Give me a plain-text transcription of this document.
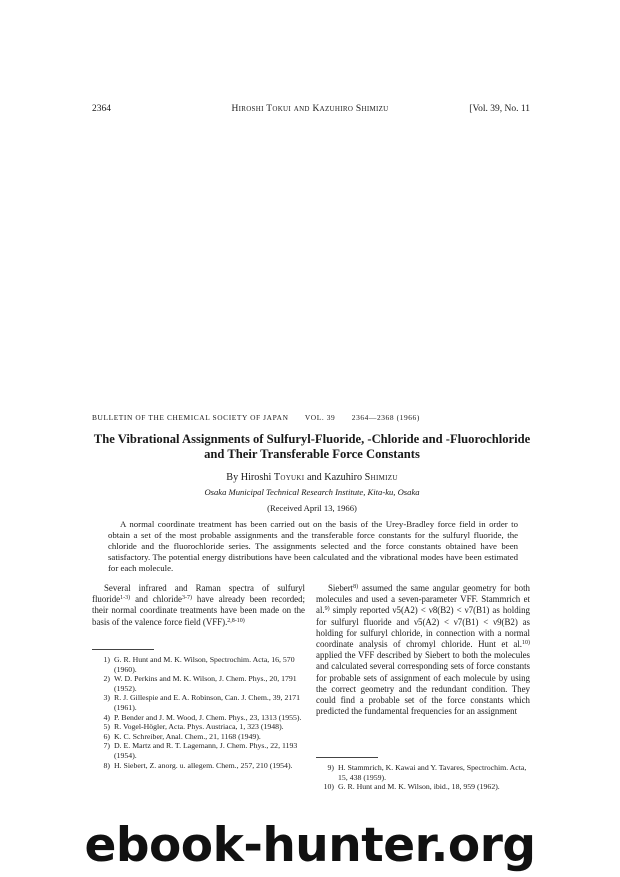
2364	Hiroshi Tokui and Kazuhiro Shimizu	[Vol. 39, No. 11
BULLETIN OF THE CHEMICAL SOCIETY OF JAPAN VOL. 39 2364—2368 (1966)
The Vibrational Assignments of Sulfuryl-Fluoride, -Chloride and -Fluorochloride and Their Transferable Force Constants
By Hiroshi Toyuki and Kazuhiro Shimizu
Osaka Municipal Technical Research Institute, Kita-ku, Osaka
(Received April 13, 1966)

A normal coordinate treatment has been carried out on the basis of the Urey-Bradley force field in order to obtain a set of the most probable assignments and the transferable force constants for the sulfuryl fluoride, the chloride and the fluorochloride series. The assignments selected and the force constants obtained have been satisfactory. The potential energy distributions have been calculated and the vibrational modes have been estimated for each molecule.

Several infrared and Raman spectra of sulfuryl fluoride$^{1-3)}$ and chloride$^{3-7)}$ have already been recorded; their normal coordinate treatments have been made on the basis of the valence force field (VFF).$^{2,8-10)}$

Siebert$^{8)}$ assumed the same angular geometry for both molecules and used a seven-parameter VFF. Stammrich et al.$^{9)}$ simply reported ν5(A2) < ν8(B2) < ν7(B1) as holding for sulfuryl fluoride and ν5(A2) < ν7(B1) < ν9(B2) as holding for sulfuryl chloride, in connection with a normal coordinate analysis of chromyl chloride. Hunt et al.$^{10)}$ applied the VFF described by Siebert to both the molecules and calculated several corresponding sets of force constants for probable sets of assignment of each molecule by using the correct geometry and the redundant condition. They could find a probable set of the force constants which predicted the fundamental frequencies for an assignment

1) G. R. Hunt and M. K. Wilson, Spectrochim. Acta, 16, 570 (1960).

2) W. D. Perkins and M. K. Wilson, J. Chem. Phys., 20, 1791 (1952).

3) R. J. Gillespie and E. A. Robinson, Can. J. Chem., 39, 2171 (1961).

4) P. Bender and J. M. Wood, J. Chem. Phys., 23, 1313 (1955).

5) R. Vogel-Högler, Acta. Phys. Austriaca, 1, 323 (1948).

6) K. C. Schreiber, Anal. Chem., 21, 1168 (1949).

7) D. E. Martz and R. T. Lagemann, J. Chem. Phys., 22, 1193 (1954).

8) H. Siebert, Z. anorg. u. allegem. Chem., 257, 210 (1954).	9) H. Stammrich, K. Kawai and Y. Tavares, Spectrochim. Acta, 15, 438 (1959).

10) G. R. Hunt and M. K. Wilson, ibid., 18, 959 (1962).

ebook-hunter.org
